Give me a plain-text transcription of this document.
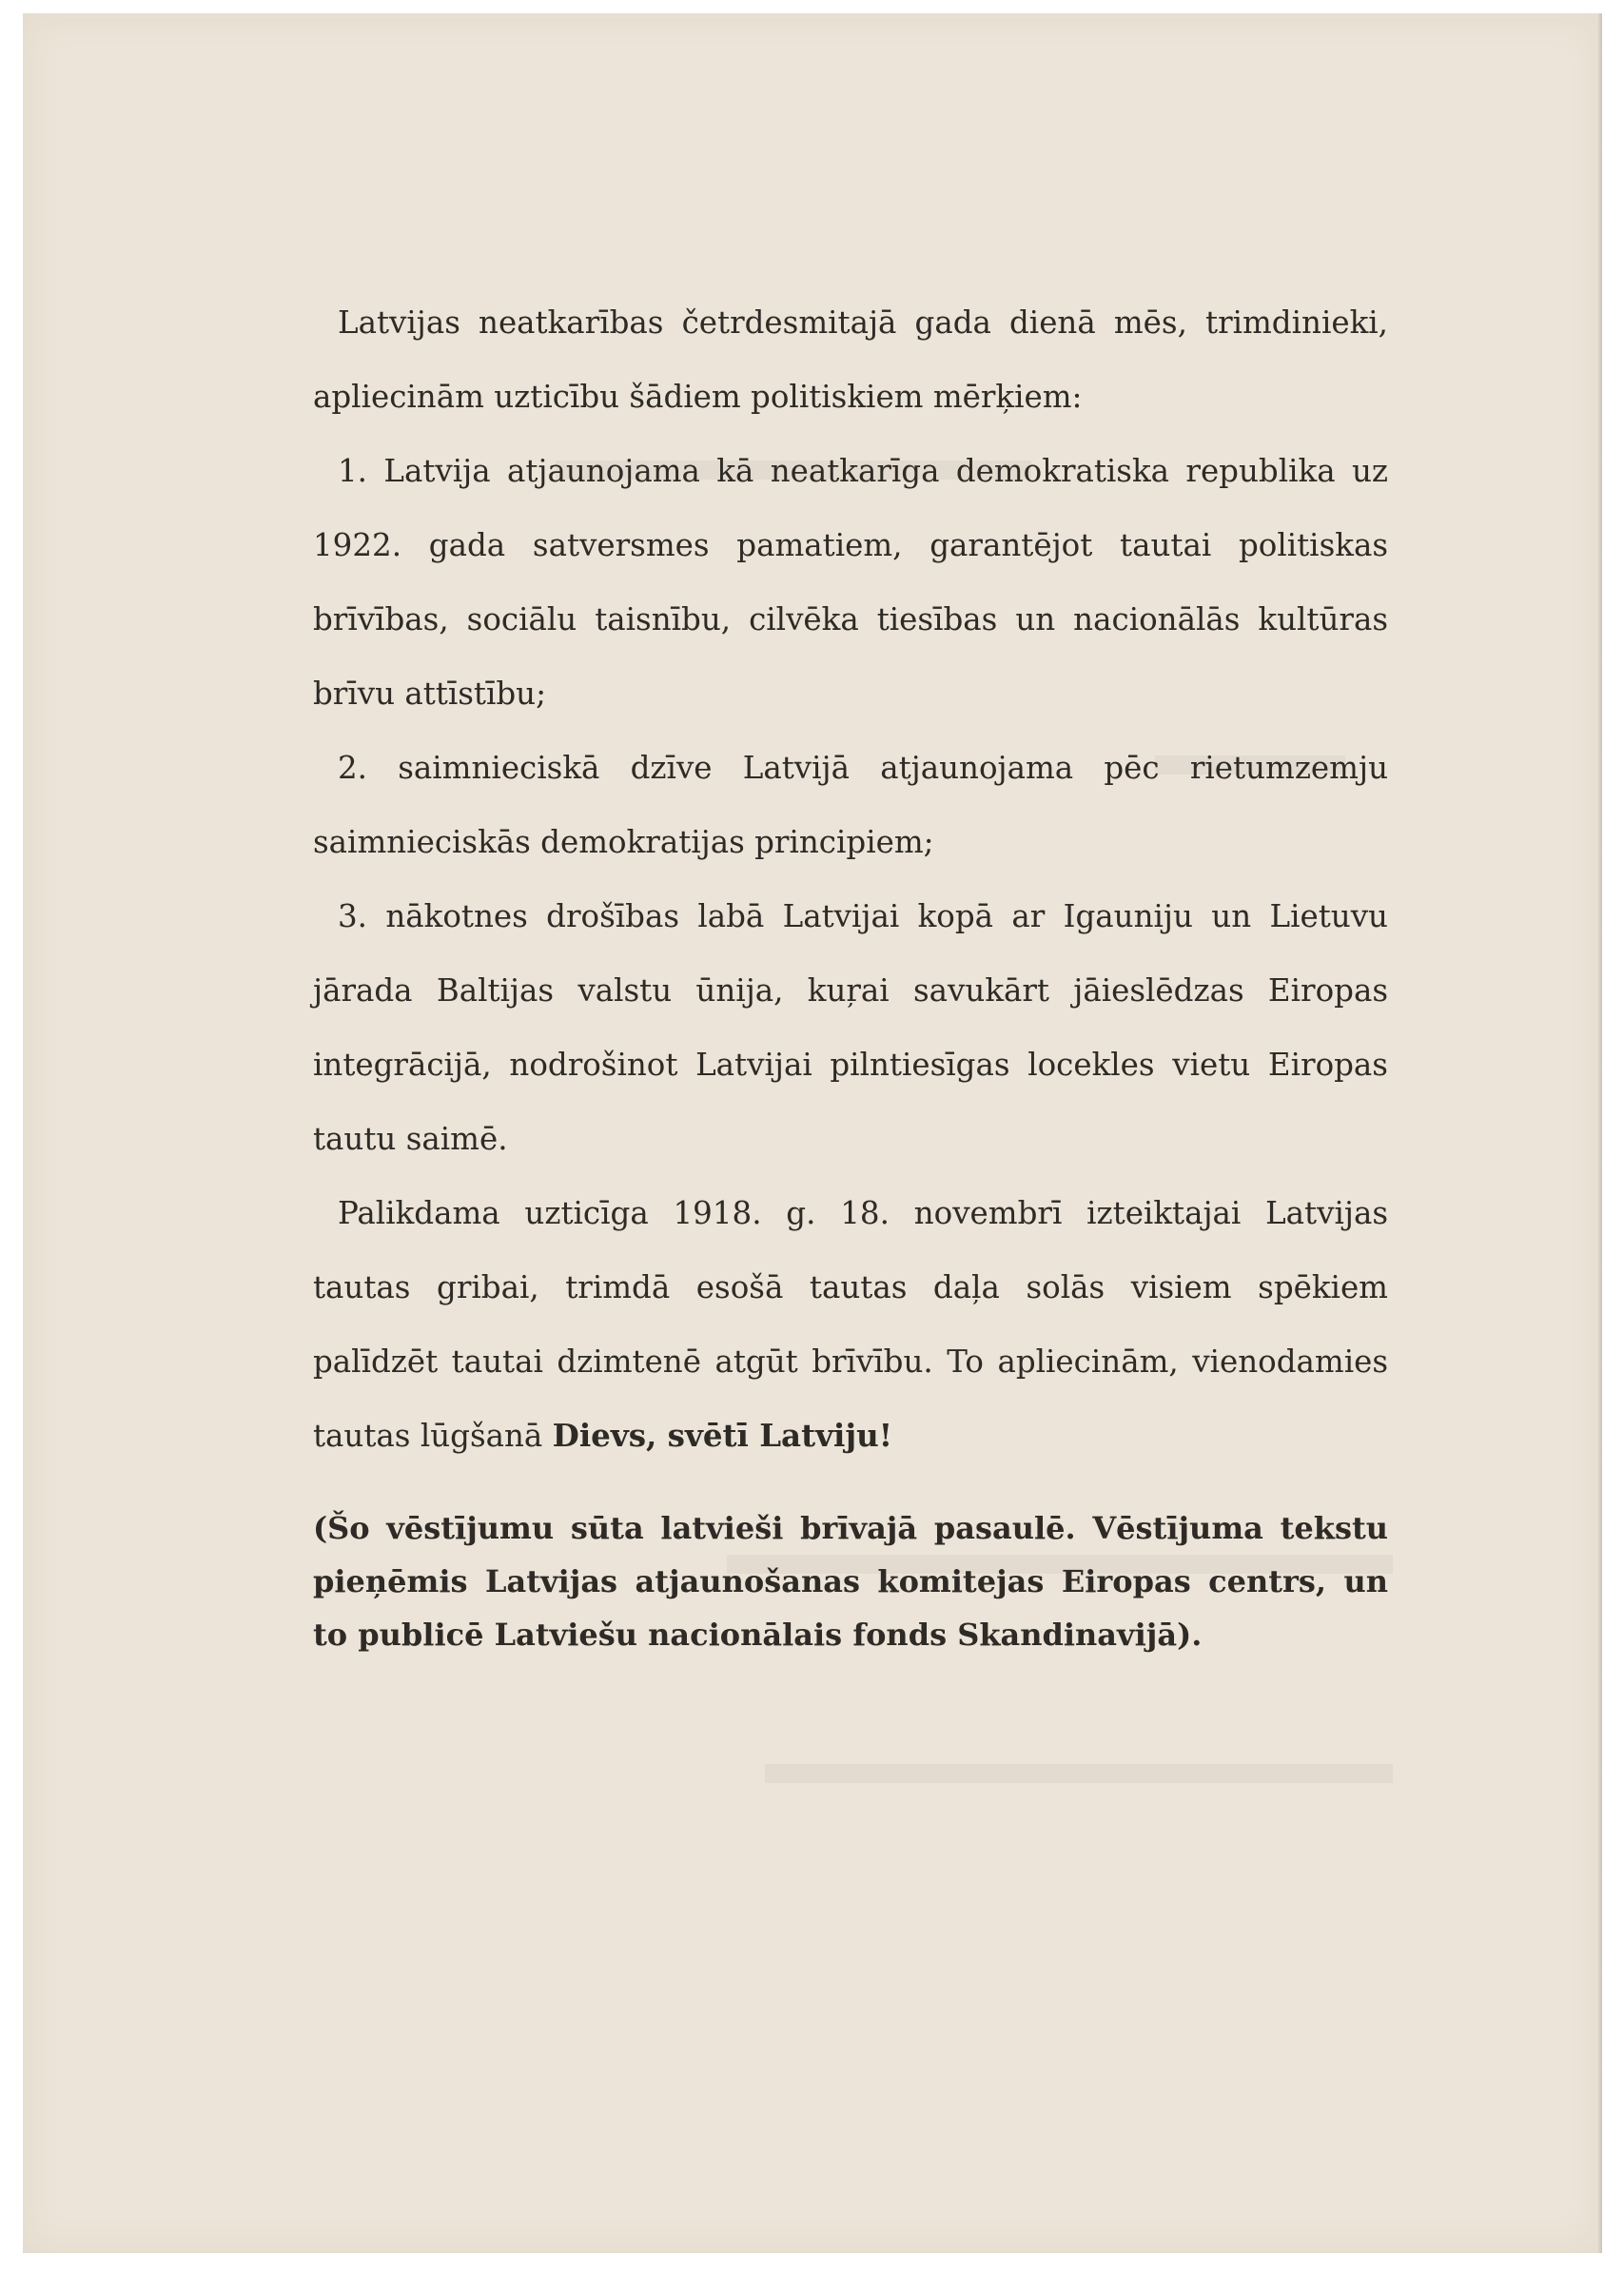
Latvijas neatkarības četrdesmitajā gada dienā mēs, trimdinieki, apliecinām uzticību šādiem politiskiem mērķiem:

1. Latvija atjaunojama kā neatkarīga demokratiska republika uz 1922. gada satversmes pamatiem, garantējot tautai politiskas brīvības, sociālu taisnību, cilvēka tiesības un nacionālās kultūras brīvu attīstību;

2. saimnieciskā dzīve Latvijā atjaunojama pēc rietumzemju saimnieciskās demokratijas principiem;

3. nākotnes drošības labā Latvijai kopā ar Igauniju un Lietuvu jārada Baltijas valstu ūnija, kuŗai savukārt jāieslēdzas Eiropas integrācijā, nodrošinot Latvijai pilntiesīgas locekles vietu Eiropas tautu saimē.

Palikdama uzticīga 1918. g. 18. novembrī izteiktajai Latvijas tautas gribai, trimdā esošā tautas daļa solās visiem spēkiem palīdzēt tautai dzimtenē atgūt brīvību. To apliecinām, vienodamies tautas lūgšanā Dievs, svētī Latviju!

(Šo vēstījumu sūta latvieši brīvajā pasaulē. Vēstījuma tekstu pieņēmis Latvijas atjaunošanas komitejas Eiropas centrs, un to publicē Latviešu nacionālais fonds Skandinavijā).
